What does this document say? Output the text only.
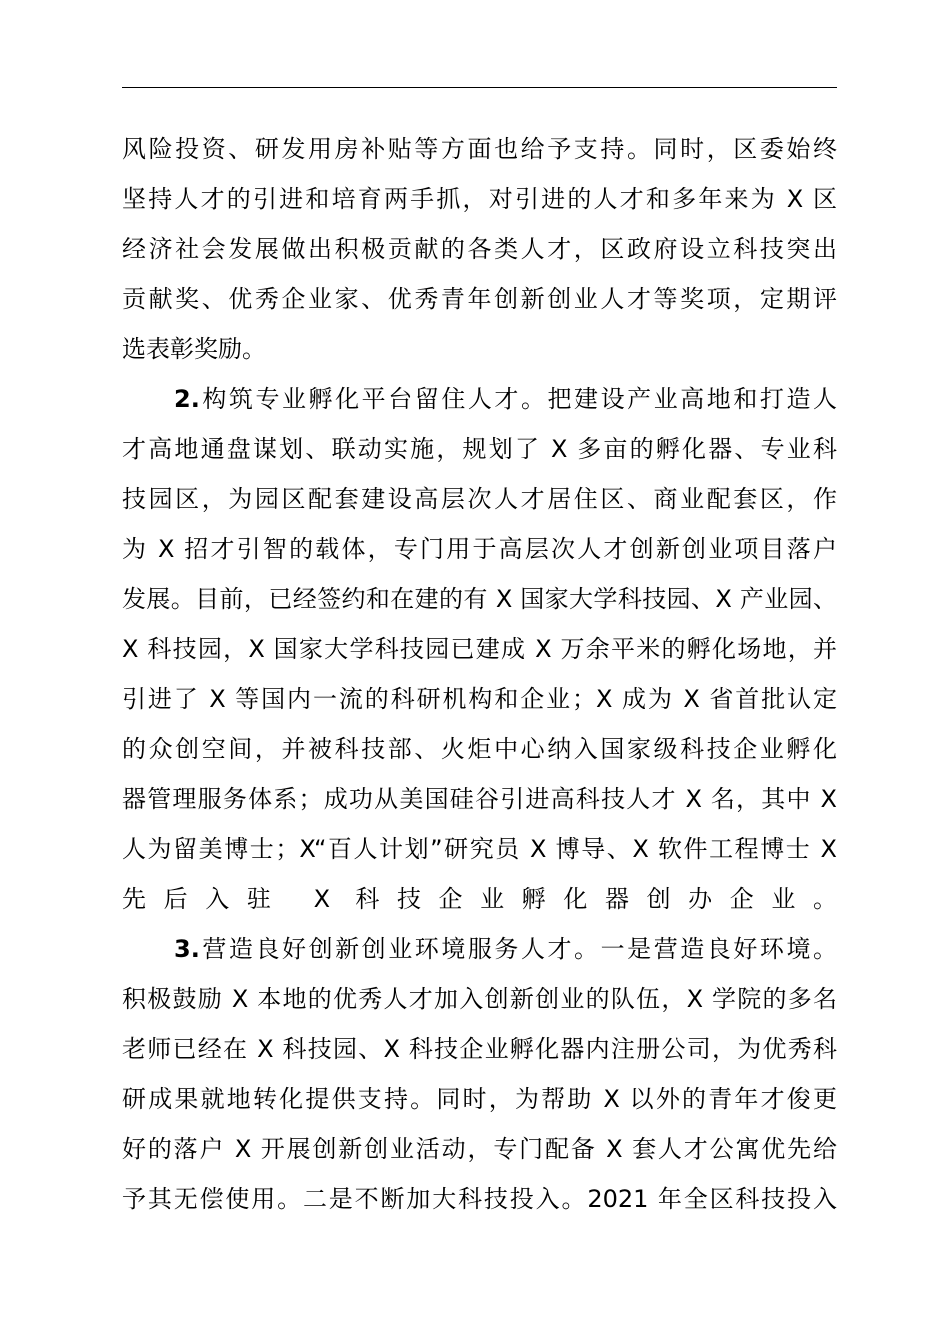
风险投资、研发用房补贴等方面也给予支持。同时，区委始终
坚持人才的引进和培育两手抓，对引进的人才和多年来为 X 区
经济社会发展做出积极贡献的各类人才，区政府设立科技突出
贡献奖、优秀企业家、优秀青年创新创业人才等奖项，定期评
选表彰奖励。
2.构筑专业孵化平台留住人才。把建设产业高地和打造人
才高地通盘谋划、联动实施，规划了 X 多亩的孵化器、专业科
技园区，为园区配套建设高层次人才居住区、商业配套区，作
为 X 招才引智的载体，专门用于高层次人才创新创业项目落户
发展。目前，已经签约和在建的有 X 国家大学科技园、X 产业园、
X 科技园，X 国家大学科技园已建成 X 万余平米的孵化场地，并
引进了 X 等国内一流的科研机构和企业；X 成为 X 省首批认定
的众创空间，并被科技部、火炬中心纳入国家级科技企业孵化
器管理服务体系；成功从美国硅谷引进高科技人才 X 名，其中 X
人为留美博士；X“百人计划”研究员 X 博导、X 软件工程博士 X
先后入驻 X 科技企业孵化器创办企业。
3.营造良好创新创业环境服务人才。一是营造良好环境。
积极鼓励 X 本地的优秀人才加入创新创业的队伍，X 学院的多名
老师已经在 X 科技园、X 科技企业孵化器内注册公司，为优秀科
研成果就地转化提供支持。同时，为帮助 X 以外的青年才俊更
好的落户 X 开展创新创业活动，专门配备 X 套人才公寓优先给
予其无偿使用。二是不断加大科技投入。2021 年全区科技投入
